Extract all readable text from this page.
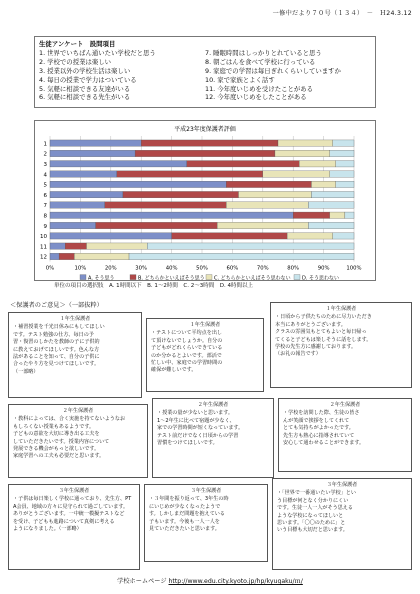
一修中だより７０号（１３４）　－　Ｈ24.3.12
生徒アンケート　設問項目
1. 世界でいちばん通いたい学校だと思う
2. 学校での授業は楽しい
3. 授業以外の学校生活は楽しい
4. 毎日の授業で学力はついている
5. 気軽に相談できる友達がいる
6. 気軽に相談できる先生がいる
7. 睡眠時間はしっかりとれていると思う
8. 朝ごはんを食べて学校に行っている
9. 家庭での学習は毎日ぎれくらいしていますか
10. 家で家族とよく話す
11. 今年度いじめを受けたことがある
12. 今年度いじめをしたことがある
平成23年度保護者評価
0%	10%	20%	30%	40%	50%	60%	70%	80%	90%	100%
1
2
3
4
5
6
7
8
9
10
11
12
A. そう思う	B. どちらかといえばそう思う C. どちらかといえばそう思わない D. そう思わない
単位の項目の選択肢　A. 1時間以下　B. 1～2時間　C. 2～3時間　D. 4時間以上
＜保護者のご意見＞（一部抜粋）
１年生保護者
・補習授業を千光日休みにもしてほしい
です。テスト勉強の仕方、毎日の予
習・復習のしかたを教師の子に子供的
に教えておげてほしいです。色んな方
法があることを知って、自分の子供に
合ったやり方を見つけてほしいです。
（一部略）
１年生保護者
・テストについて平均点を出し
て頂けないでしょうか。自分の
子どもがどれくらいできている
のか分かるとよいです。部活で
忙しい中、家庭での学習時間の
確保が難しいです。
１年生保護者
・日頃から子供たちのために尽力いただき
本当にありがとうございます。
クラスの雰囲気もとてもよいと毎日帰っ
てくると子どもは楽しそうに話をします。
学校の先生方に感謝しております。
（お礼の報告です）
２年生保護者
・教科によっては、合く実施を持てないようなお
もしろくない授業もあるようです。
子どもの意欲を大切に導き出る工夫を
していただきたいです。授業内容について
発展できる機会がもっと欲しいです。
家庭学習への工夫も必要だと思います。
２年生保護者
・授業の量が少ないと思います。
1～2年生に比べて宿題が少なく、
家での学習時間が短くなっています。
テスト前だけでなく日頃からの学習
習慣をつけてほしいです。
２年生保護者
・学校を訪問した際、生徒の皆さ
んが笑顔で挨拶をしてくれて
とても気持ちがよかったです。
先生方も熱心に指導されていて
安心して通わせることができます。
３年生保護者
・子供は毎日楽しく学校に通っており、先生方、PT
A会員、地域の方々に見守られて過ごしています。
ありがとうございます。一中統一模擬テストなど
を受け、子どもも進路について真剣に考える
ようになりました。（一部略）
３年生保護者
・３年間を振り返って、3年生の時
にいじめが少なくなったようで
す。しかしまだ問題を抱えている
子もいます。今後も一人一人を
見ていただきたいと思います。
３年生保護者
・「世界で一番通いたい学校」とい
う目標が何となく分かりにくい
です。生徒一人一人がそう思える
ような学校になってほしいと
思います。「〇〇のために」と
いう目標も大切だと思います。
学校ホームページ http://www.edu.city.kyoto.jp/hp/kyugaku/ｍ/
